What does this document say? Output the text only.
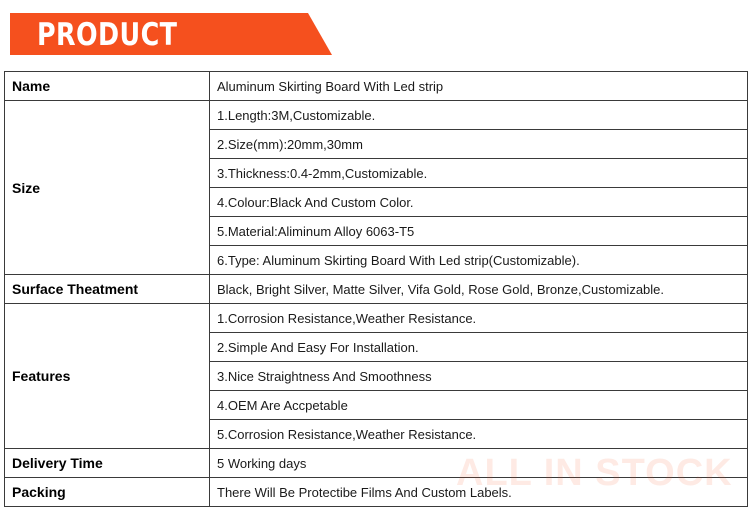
PRODUCT
Name	Aluminum Skirting Board With Led strip
Size	1.Length:3M,Customizable.
	2.Size(mm):20mm,30mm
	3.Thickness:0.4-2mm,Customizable.
	4.Colour:Black And Custom Color.
	5.Material:Aliminum Alloy 6063-T5
	6.Type: Aluminum Skirting Board With Led strip(Customizable).
Surface Theatment	Black, Bright Silver, Matte Silver, Vifa Gold, Rose Gold, Bronze,Customizable.
Features	1.Corrosion Resistance,Weather Resistance.
	2.Simple And Easy For Installation.
	3.Nice Straightness And Smoothness
	4.OEM Are Accpetable
	5.Corrosion Resistance,Weather Resistance.
Delivery Time	5 Working days
Packing	There Will Be Protectibe Films And Custom Labels.
ALL IN STOCK
